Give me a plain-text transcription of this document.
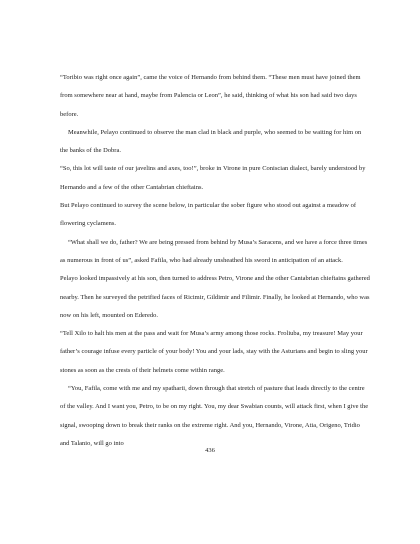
“Toribio was right once again”, came the voice of Hernando from behind them. “These men must have joined them from somewhere near at hand, maybe from Palencia or Leon”, he said, thinking of what his son had said two days before.

Meanwhile, Pelayo continued to observe the man clad in black and purple, who seemed to be waiting for him on the banks of the Dobra.

“So, this lot will taste of our javelins and axes, too!”, broke in Virone in pure Coniscian dialect, barely understood by Hernando and a few of the other Cantabrian chieftains.

But Pelayo continued to survey the scene below, in particular the sober figure who stood out against a meadow of flowering cyclamens.

“What shall we do, father? We are being pressed from behind by Musa’s Saracens, and we have a force three times as numerous in front of us”, asked Fafila, who had already unsheathed his sword in anticipation of an attack.

Pelayo looked impassively at his son, then turned to address Petro, Virone and the other Cantabrian chieftains gathered nearby. Then he surveyed the petrified faces of Ricimir, Gildimir and Filimir. Finally, he looked at Hernando, who was now on his left, mounted on Ederedo.

“Tell Xilo to halt his men at the pass and wait for Musa’s army among those rocks. Froliuba, my treasure! May your father’s courage infuse every particle of your body! You and your lads, stay with the Asturians and begin to sling your stones as soon as the crests of their helmets come within range.

“You, Fafila, come with me and my spatharii, down through that stretch of pasture that leads directly to the centre of the valley. And I want you, Petro, to be on my right. You, my dear Swabian counts, will attack first, when I give the signal, swooping down to break their ranks on the extreme right. And you, Hernando, Virone, Atia, Origeno, Tridio and Talanio, will go into

436
